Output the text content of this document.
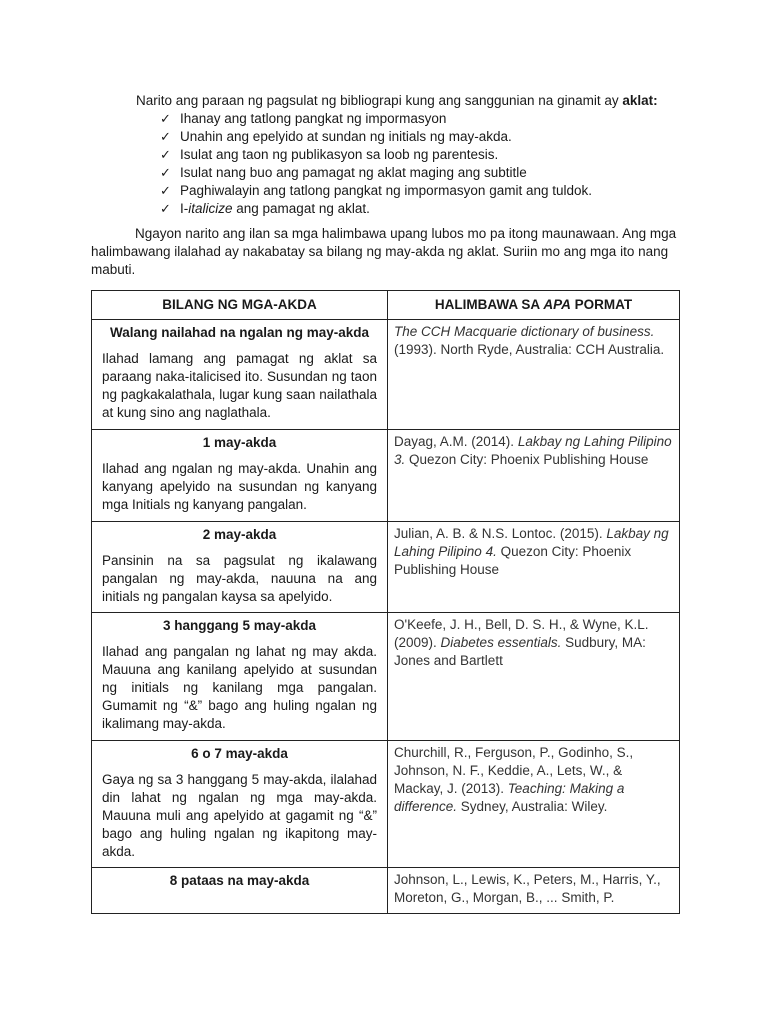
Narito ang paraan ng pagsulat ng bibliograpi kung ang sanggunian na ginamit ay aklat:
✓ Ihanay ang tatlong pangkat ng impormasyon
✓ Unahin ang epelyido at sundan ng initials ng may-akda.
✓ Isulat ang taon ng publikasyon sa loob ng parentesis.
✓ Isulat nang buo ang pamagat ng aklat maging ang subtitle
✓ Paghiwalayin ang tatlong pangkat ng impormasyon gamit ang tuldok.
✓ I-italicize ang pamagat ng aklat.
Ngayon narito ang ilan sa mga halimbawa upang lubos mo pa itong maunawaan. Ang mga halimbawang ilalahad ay nakabatay sa bilang ng may-akda ng aklat. Suriin mo ang mga ito nang mabuti.
BILANG NG MGA-AKDA	HALIMBAWA SA APA PORMAT

Walang nailahad na ngalan ng may-akda
Ilahad lamang ang pamagat ng aklat sa paraang naka-italicised ito. Susundan ng taon ng pagkakalathala, lugar kung saan nailathala at kung sino ang naglathala.	The CCH Macquarie dictionary of business. (1993). North Ryde, Australia: CCH Australia.

1 may-akda
Ilahad ang ngalan ng may-akda. Unahin ang kanyang apelyido na susundan ng kanyang mga Initials ng kanyang pangalan.	Dayag, A.M. (2014). Lakbay ng Lahing Pilipino 3. Quezon City: Phoenix Publishing House

2 may-akda
Pansinin na sa pagsulat ng ikalawang pangalan ng may-akda, nauuna na ang initials ng pangalan kaysa sa apelyido.	Julian, A. B. & N.S. Lontoc. (2015). Lakbay ng Lahing Pilipino 4. Quezon City: Phoenix Publishing House

3 hanggang 5 may-akda
Ilahad ang pangalan ng lahat ng may akda. Mauuna ang kanilang apelyido at susundan ng initials ng kanilang mga pangalan. Gumamit ng “&” bago ang huling ngalan ng ikalimang may-akda.	O'Keefe, J. H., Bell, D. S. H., & Wyne, K.L. (2009). Diabetes essentials. Sudbury, MA: Jones and Bartlett

6 o 7 may-akda
Gaya ng sa 3 hanggang 5 may-akda, ilalahad din lahat ng ngalan ng mga may-akda. Mauuna muli ang apelyido at gagamit ng “&” bago ang huling ngalan ng ikapitong may-akda.	Churchill, R., Ferguson, P., Godinho, S., Johnson, N. F., Keddie, A., Lets, W., & Mackay, J. (2013). Teaching: Making a difference. Sydney, Australia: Wiley.

8 pataas na may-akda	Johnson, L., Lewis, K., Peters, M., Harris, Y., Moreton, G., Morgan, B., ... Smith, P.
